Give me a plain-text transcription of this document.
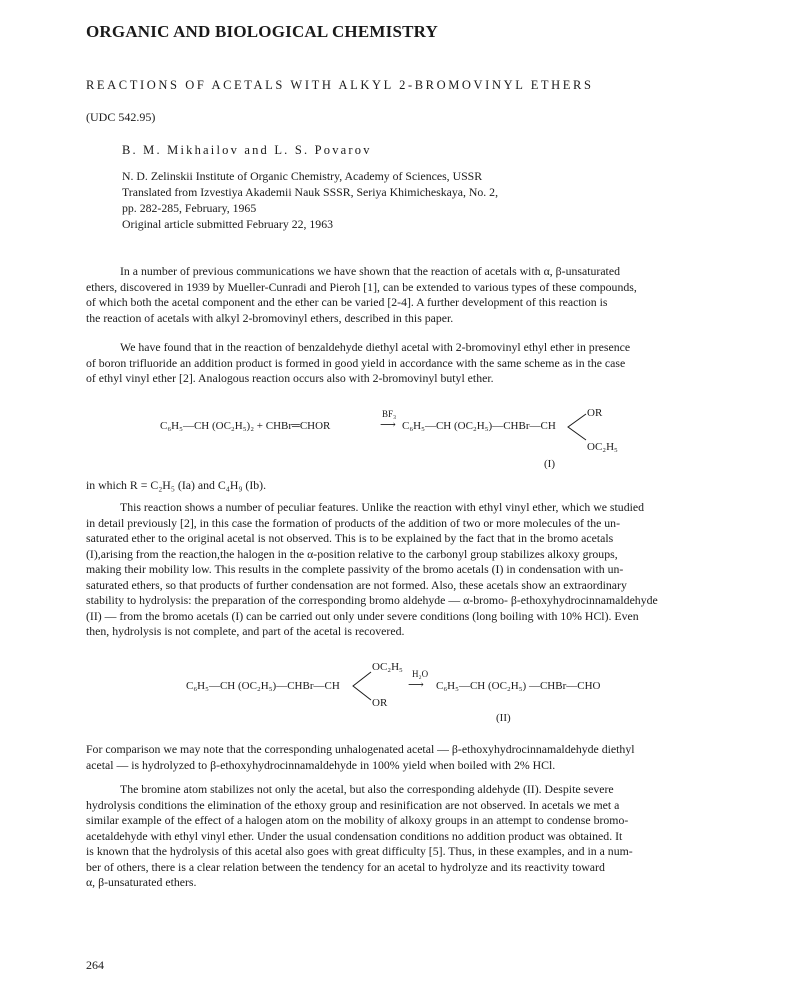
ORGANIC AND BIOLOGICAL CHEMISTRY
REACTIONS OF ACETALS WITH ALKYL 2-BROMOVINYL ETHERS
(UDC 542.95)
B. M. Mikhailov and L. S. Povarov
N. D. Zelinskii Institute of Organic Chemistry, Academy of Sciences, USSR
Translated from Izvestiya Akademii Nauk SSSR, Seriya Khimicheskaya, No. 2,
pp. 282-285, February, 1965
Original article submitted February 22, 1963
In a number of previous communications we have shown that the reaction of acetals with α, β-unsaturated
ethers, discovered in 1939 by Mueller-Cunradi and Pieroh [1], can be extended to various types of these compounds,
of which both the acetal component and the ether can be varied [2-4]. A further development of this reaction is
the reaction of acetals with alkyl 2-bromovinyl ethers, described in this paper.
We have found that in the reaction of benzaldehyde diethyl acetal with 2-bromovinyl ethyl ether in presence
of boron trifluoride an addition product is formed in good yield in accordance with the same scheme as in the case
of ethyl vinyl ether [2]. Analogous reaction occurs also with 2-bromovinyl butyl ether.
C₆H₅—CH (OC₂H₅)₂ + CHBr═CHOR
BF₃
⟶ C₆H₅—CH (OC₂H₅)—CHBr—CH
OR
OC₂H₅
(I)
in which R = C₂H₅ (Ia) and C₄H₉ (Ib).
This reaction shows a number of peculiar features. Unlike the reaction with ethyl vinyl ether, which we studied
in detail previously [2], in this case the formation of products of the addition of two or more molecules of the un-
saturated ether to the original acetal is not observed. This is to be explained by the fact that in the bromo acetals
(I),arising from the reaction,the halogen in the α-position relative to the carbonyl group stabilizes alkoxy groups,
making their mobility low. This results in the complete passivity of the bromo acetals (I) in condensation with un-
saturated ethers, so that products of further condensation are not formed. Also, these acetals show an extraordinary
stability to hydrolysis: the preparation of the corresponding bromo aldehyde — α-bromo- β-ethoxyhydrocinnamaldehyde
(II) — from the bromo acetals (I) can be carried out only under severe conditions (long boiling with 10% HCl). Even
then, hydrolysis is not complete, and part of the acetal is recovered.
C₆H₅—CH (OC₂H₅)—CHBr—CH
OC₂H₅
OR
H₂O
⟶ C₆H₅—CH (OC₂H₅) —CHBr—CHO
(II)
For comparison we may note that the corresponding unhalogenated acetal — β-ethoxyhydrocinnamaldehyde diethyl
acetal — is hydrolyzed to β-ethoxyhydrocinnamaldehyde in 100% yield when boiled with 2% HCl.
The bromine atom stabilizes not only the acetal, but also the corresponding aldehyde (II). Despite severe
hydrolysis conditions the elimination of the ethoxy group and resinification are not observed. In acetals we met a
similar example of the effect of a halogen atom on the mobility of alkoxy groups in an attempt to condense bromo-
acetaldehyde with ethyl vinyl ether. Under the usual condensation conditions no addition product was obtained. It
is known that the hydrolysis of this acetal also goes with great difficulty [5]. Thus, in these examples, and in a num-
ber of others, there is a clear relation between the tendency for an acetal to hydrolyze and its reactivity toward
α, β-unsaturated ethers.
264
